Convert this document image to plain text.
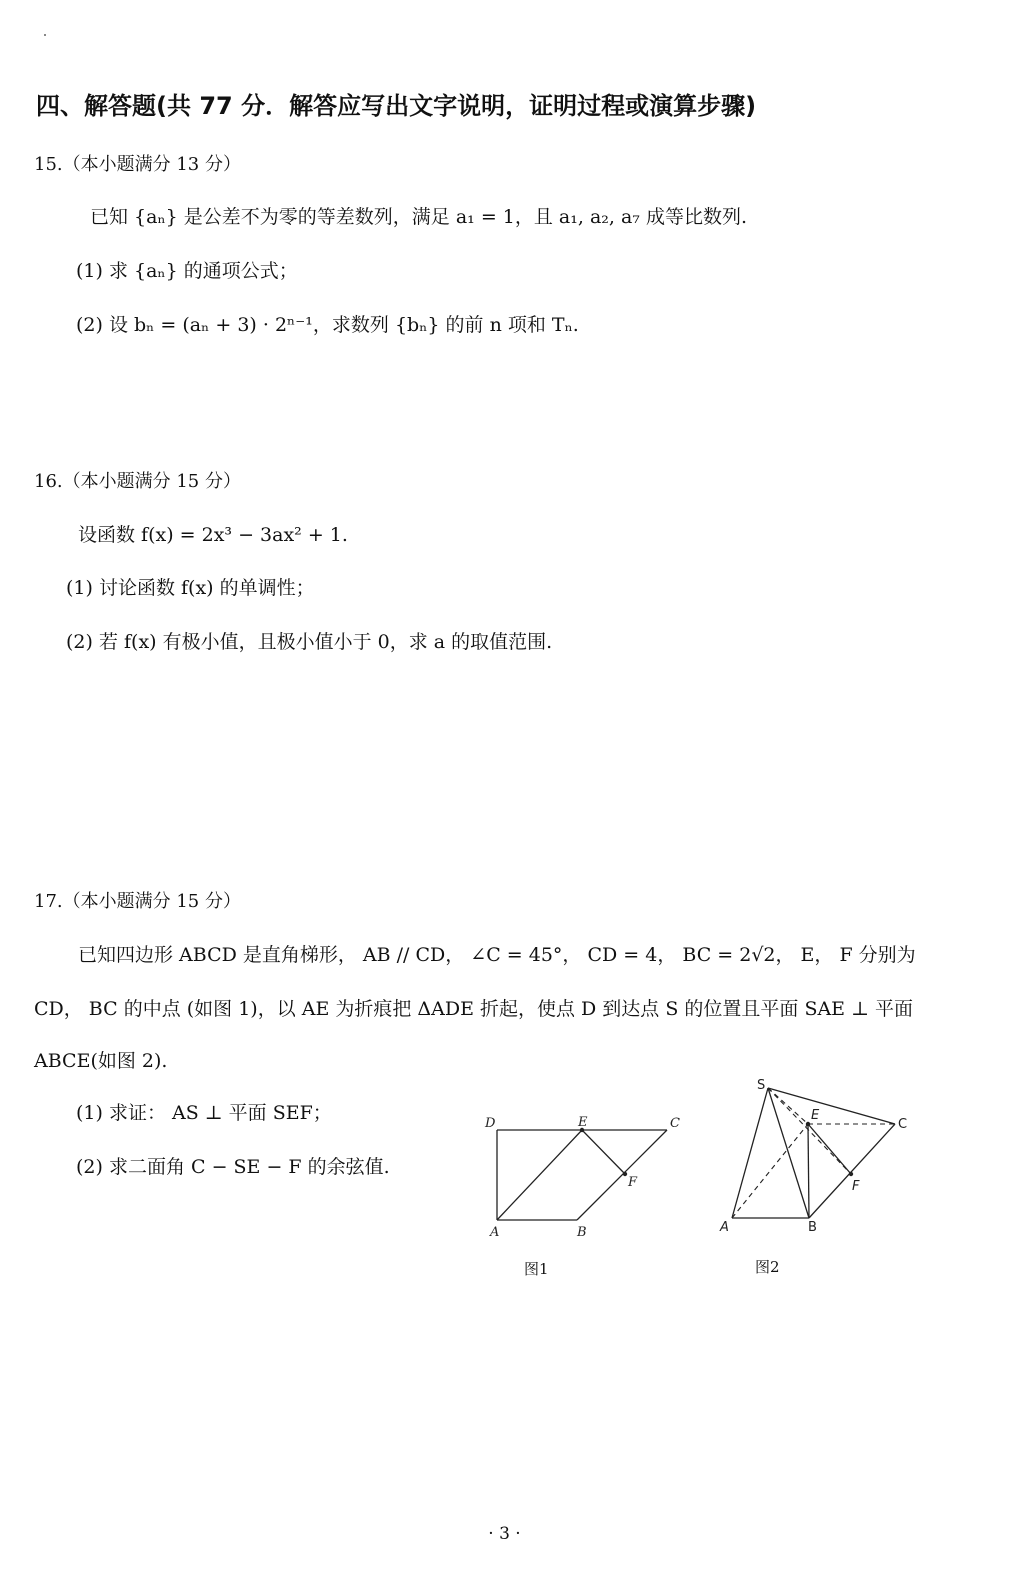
四、解答题(共 77 分．解答应写出文字说明，证明过程或演算步骤)
15.（本小题满分 13 分）
已知 {aₙ} 是公差不为零的等差数列，满足 a₁ = 1，且 a₁, a₂, a₇ 成等比数列.
(1) 求 {aₙ} 的通项公式；
(2) 设 bₙ = (aₙ + 3) · 2ⁿ⁻¹，求数列 {bₙ} 的前 n 项和 Tₙ.
16.（本小题满分 15 分）
设函数 f(x) = 2x³ − 3ax² + 1.
(1) 讨论函数 f(x) 的单调性；
(2) 若 f(x) 有极小值，且极小值小于 0，求 a 的取值范围.
17.（本小题满分 15 分）
已知四边形 ABCD 是直角梯形， AB // CD， ∠C = 45°， CD = 4， BC = 2√2， E， F 分别为
CD， BC 的中点 (如图 1)，以 AE 为折痕把 ΔADE 折起，使点 D 到达点 S 的位置且平面 SAE ⊥ 平面
ABCE(如图 2).
(1) 求证： AS ⊥ 平面 SEF；
(2) 求二面角 C − SE − F 的余弦值.
D	E	C
F
A	B
图1
S
E
C
F
A	B
图2
· 3 ·
